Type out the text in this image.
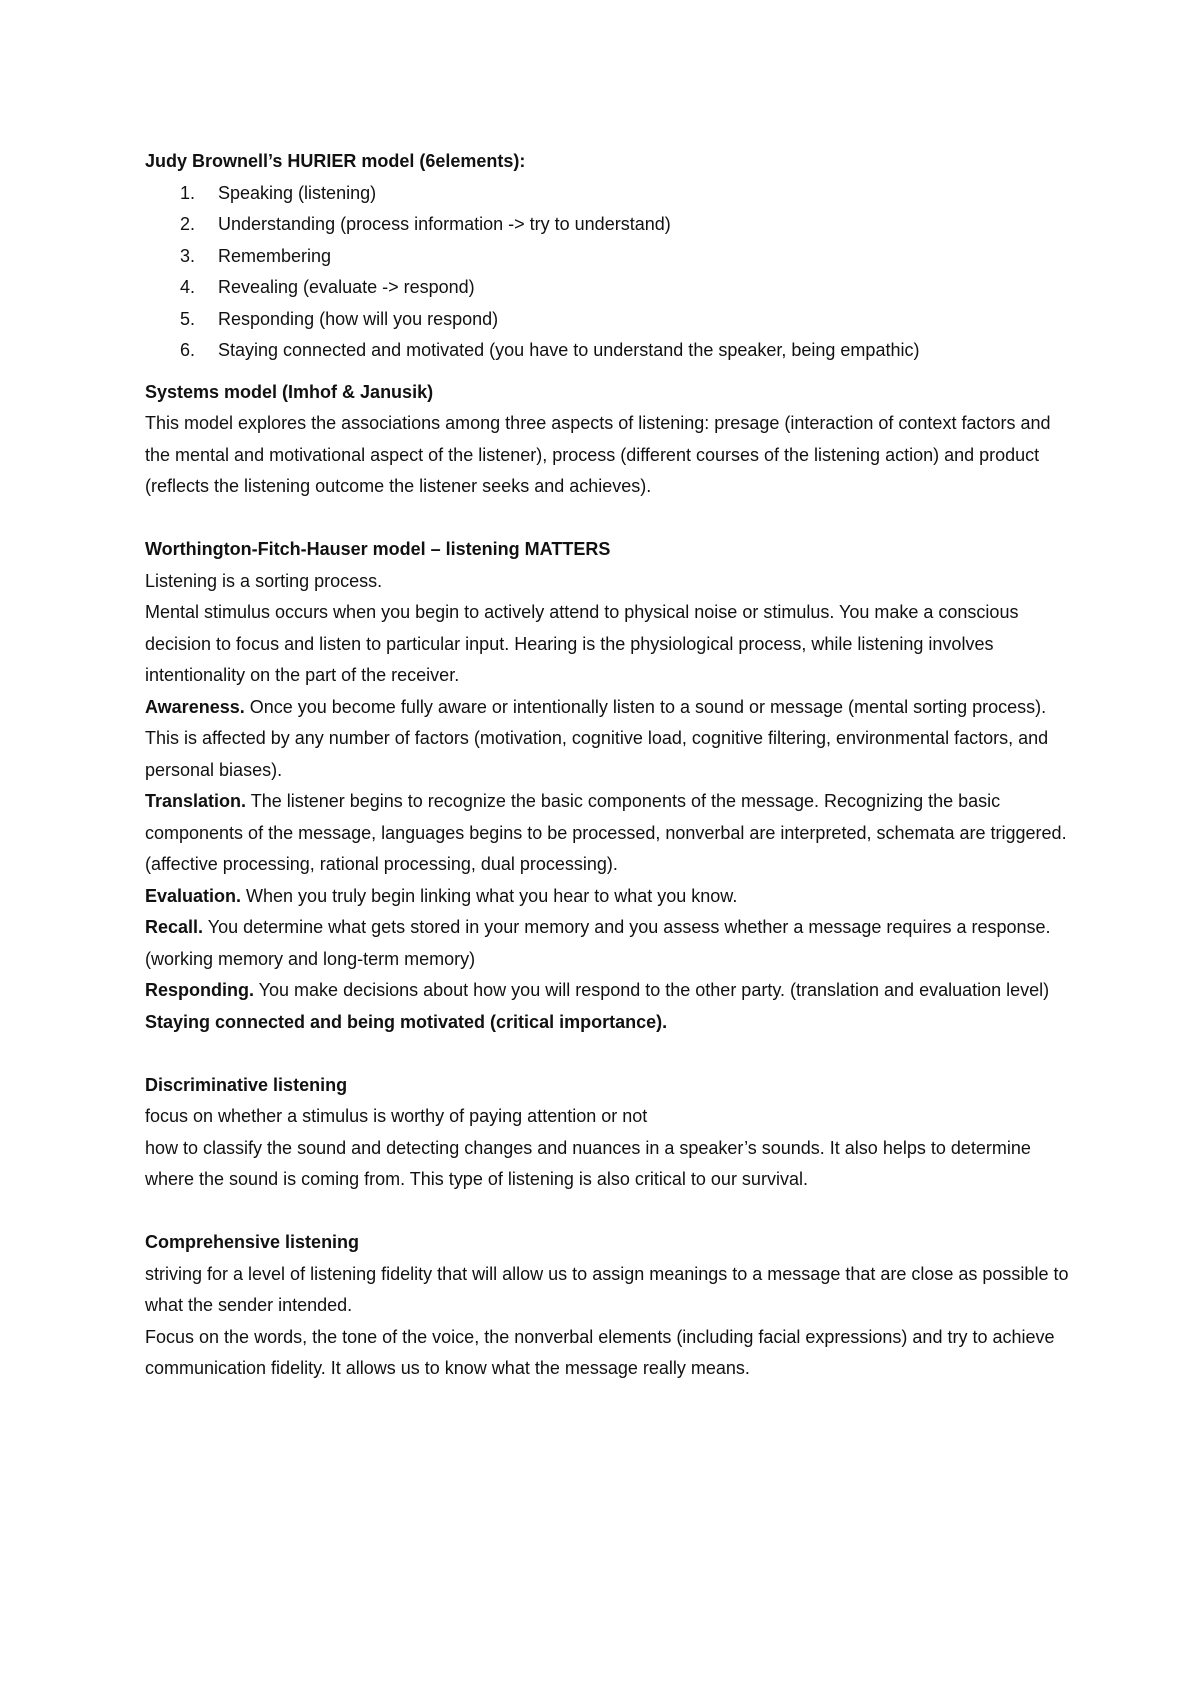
Judy Brownell’s HURIER model (6elements):

1.	Speaking (listening)
2.	Understanding (process information -> try to understand)
3.	Remembering
4.	Revealing (evaluate -> respond)
5.	Responding (how will you respond)
6.	Staying connected and motivated (you have to understand the speaker, being empathic)

Systems model (Imhof & Janusik)

This model explores the associations among three aspects of listening: presage (interaction of context factors and the mental and motivational aspect of the listener), process (different courses of the listening action) and product (reflects the listening outcome the listener seeks and achieves).

Worthington-Fitch-Hauser model – listening MATTERS

Listening is a sorting process.

Mental stimulus occurs when you begin to actively attend to physical noise or stimulus. You make a conscious decision to focus and listen to particular input. Hearing is the physiological process, while listening involves intentionality on the part of the receiver.

Awareness. Once you become fully aware or intentionally listen to a sound or message (mental sorting process). This is affected by any number of factors (motivation, cognitive load, cognitive filtering, environmental factors, and personal biases).

Translation. The listener begins to recognize the basic components of the message. Recognizing the basic components of the message, languages begins to be processed, nonverbal are interpreted, schemata are triggered. (affective processing, rational processing, dual processing).

Evaluation. When you truly begin linking what you hear to what you know.

Recall. You determine what gets stored in your memory and you assess whether a message requires a response. (working memory and long-term memory)

Responding. You make decisions about how you will respond to the other party. (translation and evaluation level)

Staying connected and being motivated (critical importance).

Discriminative listening

focus on whether a stimulus is worthy of paying attention or not

how to classify the sound and detecting changes and nuances in a speaker’s sounds. It also helps to determine where the sound is coming from. This type of listening is also critical to our survival.

Comprehensive listening

striving for a level of listening fidelity that will allow us to assign meanings to a message that are close as possible to what the sender intended.

Focus on the words, the tone of the voice, the nonverbal elements (including facial expressions) and try to achieve communication fidelity. It allows us to know what the message really means.
